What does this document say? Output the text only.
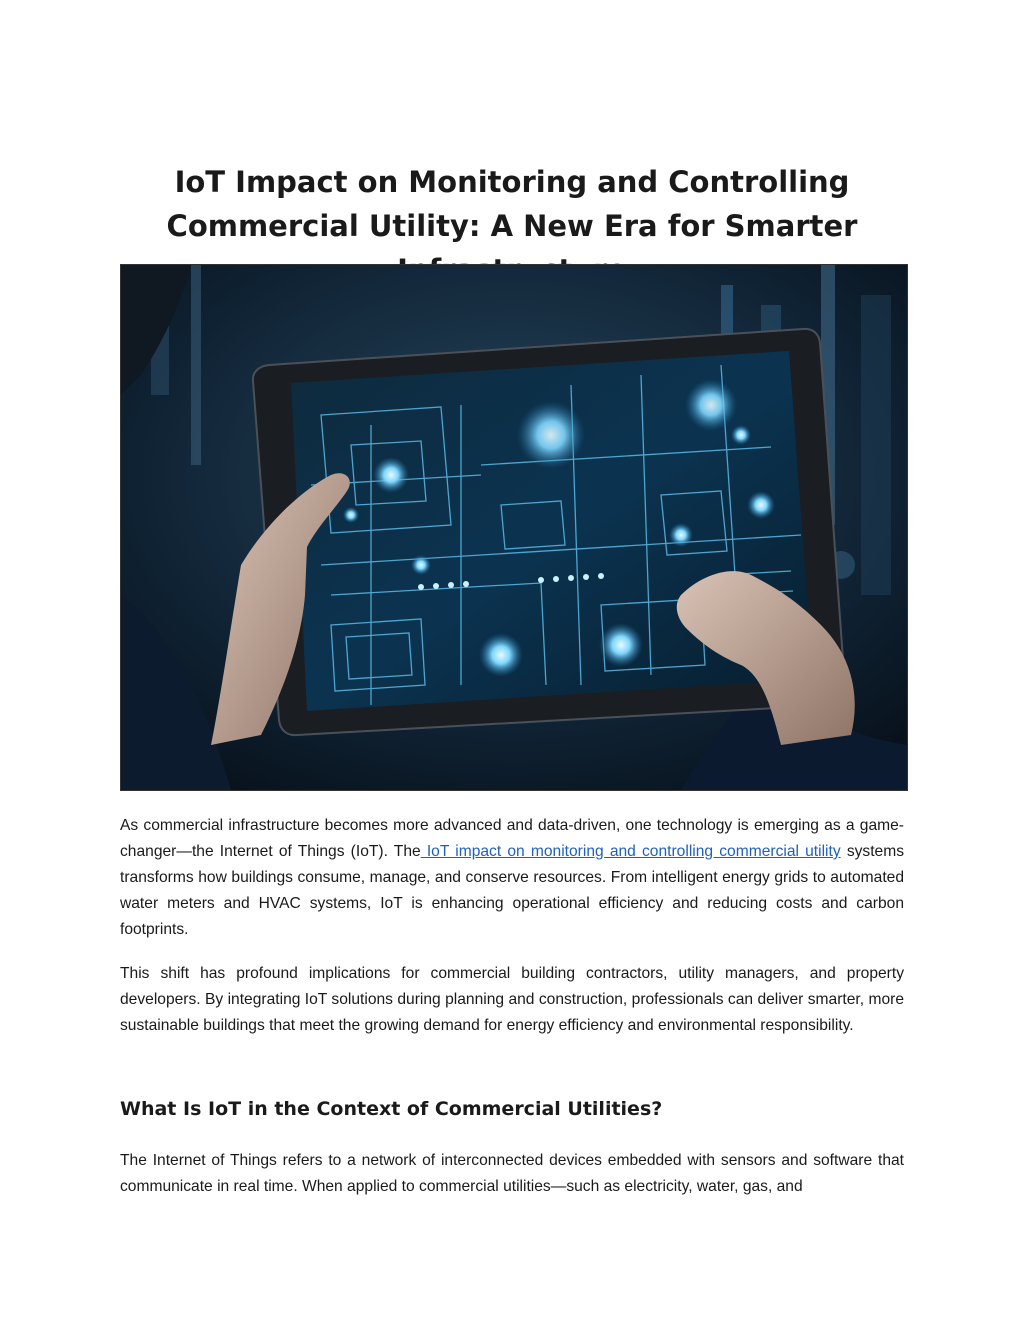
IoT Impact on Monitoring and Controlling Commercial Utility: A New Era for Smarter

As commercial infrastructure becomes more advanced and data-driven, one technology is emerging as a game-changer—the Internet of Things (IoT). The IoT impact on monitoring and controlling commercial utility systems transforms how buildings consume, manage, and conserve resources. From intelligent energy grids to automated water meters and HVAC systems, IoT is enhancing operational efficiency and reducing costs and carbon footprints.

This shift has profound implications for commercial building contractors, utility managers, and property developers. By integrating IoT solutions during planning and construction, professionals can deliver smarter, more sustainable buildings that meet the growing demand for energy efficiency and environmental responsibility.

What Is IoT in the Context of Commercial Utilities?

The Internet of Things refers to a network of interconnected devices embedded with sensors and software that communicate in real time. When applied to commercial utilities—such as electricity, water, gas, and
